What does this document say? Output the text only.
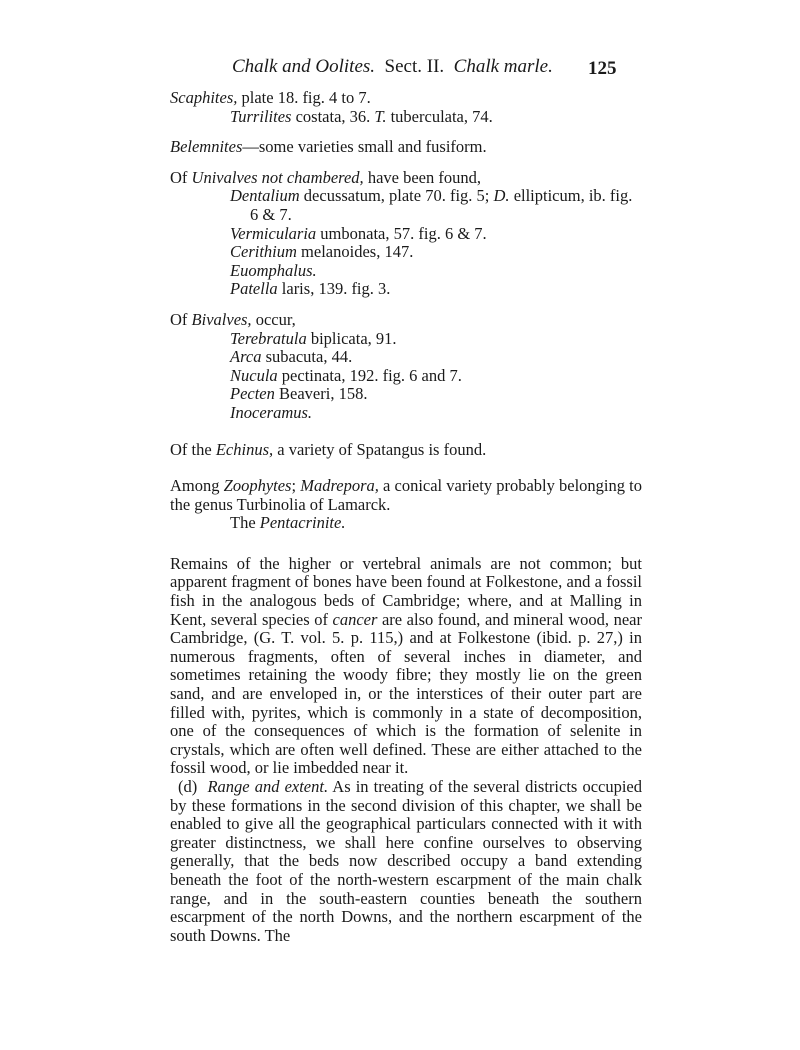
Chalk and Oolites. Sect. II. Chalk marle. 125

Scaphites, plate 18. fig. 4 to 7.

Turrilites costata, 36. T. tuberculata, 74.

Belemnites—some varieties small and fusiform.

Of Univalves not chambered, have been found,

Dentalium decussatum, plate 70. fig. 5; D. ellipticum, ib. fig. 6 & 7.

Vermicularia umbonata, 57. fig. 6 & 7.

Cerithium melanoides, 147.

Euomphalus.

Patella laris, 139. fig. 3.

Of Bivalves, occur,

Terebratula biplicata, 91.

Arca subacuta, 44.

Nucula pectinata, 192. fig. 6 and 7.

Pecten Beaveri, 158.

Inoceramus.

Of the Echinus, a variety of Spatangus is found.

Among Zoophytes; Madrepora, a conical variety probably belonging to the genus Turbinolia of Lamarck.

The Pentacrinite.

Remains of the higher or vertebral animals are not common; but apparent fragment of bones have been found at Folkestone, and a fossil fish in the analogous beds of Cambridge; where, and at Malling in Kent, several species of cancer are also found, and mineral wood, near Cambridge, (G. T. vol. 5. p. 115,) and at Folkestone (ibid. p. 27,) in numerous fragments, often of several inches in diameter, and sometimes retaining the woody fibre; they mostly lie on the green sand, and are enveloped in, or the interstices of their outer part are filled with, pyrites, which is commonly in a state of decomposition, one of the consequences of which is the formation of selenite in crystals, which are often well defined. These are either attached to the fossil wood, or lie imbedded near it.

(d) Range and extent. As in treating of the several districts occupied by these formations in the second division of this chapter, we shall be enabled to give all the geographical particulars connected with it with greater distinctness, we shall here confine ourselves to observing generally, that the beds now described occupy a band extending beneath the foot of the north-western escarpment of the main chalk range, and in the south-eastern counties beneath the southern escarpment of the north Downs, and the northern escarpment of the south Downs. The
